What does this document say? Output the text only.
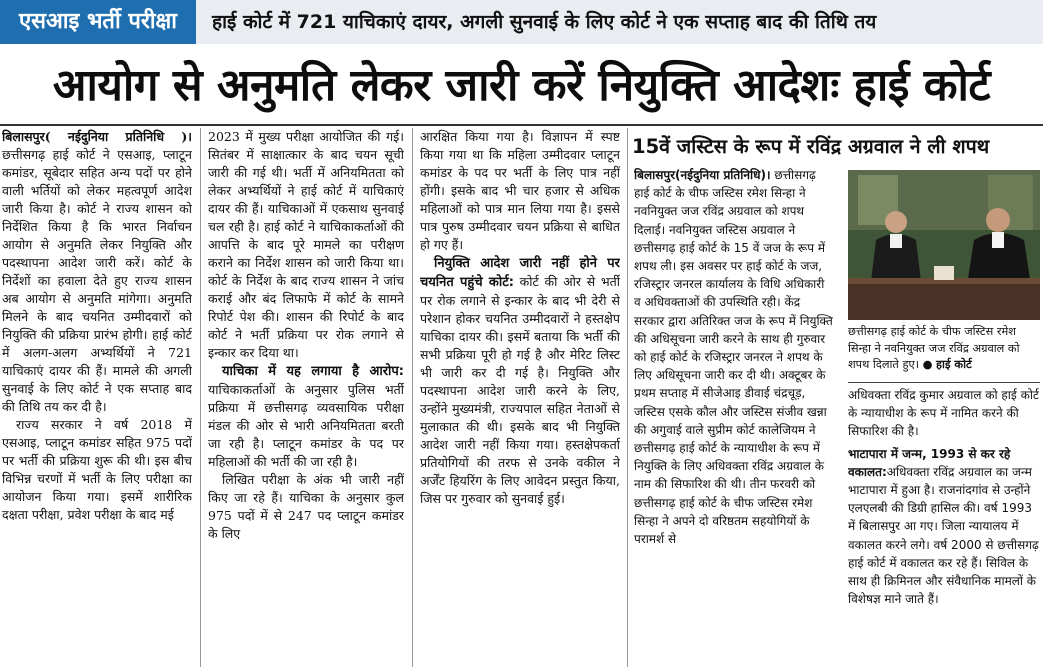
एसआइ भर्ती परीक्षा	हाई कोर्ट में 721 याचिकाएं दायर, अगली सुनवाई के लिए कोर्ट ने एक सप्ताह बाद की तिथि तय
आयोग से अनुमति लेकर जारी करें नियुक्ति आदेशः हाई कोर्ट

बिलासपुर( नईदुनिया प्रतिनिधि )। छत्तीसगढ़ हाई कोर्ट ने एसआइ, प्लाटून कमांडर, सूबेदार सहित अन्य पदों पर होने वाली भर्तियों को लेकर महत्वपूर्ण आदेश जारी किया है। कोर्ट ने राज्य शासन को निर्देशित किया है कि भारत निर्वाचन आयोग से अनुमति लेकर नियुक्ति और पदस्थापना आदेश जारी करें। कोर्ट के निर्देशों का हवाला देते हुए राज्य शासन अब आयोग से अनुमति मांगेगा। अनुमति मिलने के बाद चयनित उम्मीदवारों को नियुक्ति की प्रक्रिया प्रारंभ होगी। हाई कोर्ट में अलग-अलग अभ्यर्थियों ने 721 याचिकाएं दायर की हैं। मामले की अगली सुनवाई के लिए कोर्ट ने एक सप्ताह बाद की तिथि तय कर दी है।

राज्य सरकार ने वर्ष 2018 में एसआइ, प्लाटून कमांडर सहित 975 पदों पर भर्ती की प्रक्रिया शुरू की थी। इस बीच विभिन्न चरणों में भर्ती के लिए परीक्षा का आयोजन किया गया। इसमें शारीरिक दक्षता परीक्षा, प्रवेश परीक्षा के बाद मई

2023 में मुख्य परीक्षा आयोजित की गई। सितंबर में साक्षात्कार के बाद चयन सूची जारी की गई थी। भर्ती में अनियमितता को लेकर अभ्यर्थियों ने हाई कोर्ट में याचिकाएं दायर की हैं। याचिकाओं में एकसाथ सुनवाई चल रही है। हाई कोर्ट ने याचिकाकर्ताओं की आपत्ति के बाद पूरे मामले का परीक्षण कराने का निर्देश शासन को जारी किया था। कोर्ट के निर्देश के बाद राज्य शासन ने जांच कराई और बंद लिफाफे में कोर्ट के सामने रिपोर्ट पेश की। शासन की रिपोर्ट के बाद कोर्ट ने भर्ती प्रक्रिया पर रोक लगाने से इन्कार कर दिया था।

याचिका में यह लगाया है आरोप: याचिकाकर्ताओं के अनुसार पुलिस भर्ती प्रक्रिया में छत्तीसगढ़ व्यवसायिक परीक्षा मंडल की ओर से भारी अनियमितता बरती जा रही है। प्लाटून कमांडर के पद पर महिलाओं की भर्ती की जा रही है।

लिखित परीक्षा के अंक भी जारी नहीं किए जा रहे हैं। याचिका के अनुसार कुल 975 पदों में से 247 पद प्लाटून कमांडर के लिए

आरक्षित किया गया है। विज्ञापन में स्पष्ट किया गया था कि महिला उम्मीदवार प्लाटून कमांडर के पद पर भर्ती के लिए पात्र नहीं होंगी। इसके बाद भी चार हजार से अधिक महिलाओं को पात्र मान लिया गया है। इससे पात्र पुरुष उम्मीदवार चयन प्रक्रिया से बाधित हो गए हैं।

नियुक्ति आदेश जारी नहीं होने पर चयनित पहुंचे कोर्ट: कोर्ट की ओर से भर्ती पर रोक लगाने से इन्कार के बाद भी देरी से परेशान होकर चयनित उम्मीदवारों ने हस्तक्षेप याचिका दायर की। इसमें बताया कि भर्ती की सभी प्रक्रिया पूरी हो गई है और मेरिट लिस्ट भी जारी कर दी गई है। नियुक्ति और पदस्थापना आदेश जारी करने के लिए, उन्होंने मुख्यमंत्री, राज्यपाल सहित नेताओं से मुलाकात की थी। इसके बाद भी नियुक्ति आदेश जारी नहीं किया गया। हस्तक्षेपकर्ता प्रतियोगियों की तरफ से उनके वकील ने अर्जेंट हियरिंग के लिए आवेदन प्रस्तुत किया, जिस पर गुरुवार को सुनवाई हुई।

15वें जस्टिस के रूप में रविंद्र अग्रवाल ने ली शपथ

बिलासपुर(नईदुनिया प्रतिनिधि)। छत्तीसगढ़ हाई कोर्ट के चीफ जस्टिस रमेश सिन्हा ने नवनियुक्त जज रविंद्र अग्रवाल को शपथ दिलाई। नवनियुक्त जस्टिस अग्रवाल ने छत्तीसगढ़ हाई कोर्ट के 15 वें जज के रूप में शपथ ली। इस अवसर पर हाई कोर्ट के जज, रजिस्ट्रार जनरल कार्यालय के विधि अधिकारी व अधिवक्ताओं की उपस्थिति रही। केंद्र सरकार द्वारा अतिरिक्त जज के रूप में नियुक्ति की अधिसूचना जारी करने के साथ ही गुरुवार को हाई कोर्ट के रजिस्ट्रार जनरल ने शपथ के लिए अधिसूचना जारी कर दी थी। अक्टूबर के प्रथम सप्ताह में सीजेआइ डीवाई चंद्रचूड़, जस्टिस एसके कौल और जस्टिस संजीव खन्ना की अगुवाई वाले सुप्रीम कोर्ट कालेजियम ने छत्तीसगढ़ हाई कोर्ट के न्यायाधीश के रूप में नियुक्ति के लिए अधिवक्ता रविंद्र अग्रवाल के नाम की सिफारिश की थी। तीन फरवरी को छत्तीसगढ़ हाई कोर्ट के चीफ जस्टिस रमेश सिन्हा ने अपने दो वरिष्ठतम सहयोगियों के परामर्श से

छत्तीसगढ़ हाई कोर्ट के चीफ जस्टिस रमेश सिन्हा ने नवनियुक्त जज रविंद्र अग्रवाल को शपथ दिलाते हुए। ● हाई कोर्ट

अधिवक्ता रविंद्र कुमार अग्रवाल को हाई कोर्ट के न्यायाधीश के रूप में नामित करने की सिफारिश की है।

भाटापारा में जन्म, 1993 से कर रहे वकालत:अधिवक्ता रविंद्र अग्रवाल का जन्म भाटापारा में हुआ है। राजनांदगांव से उन्होंने एलएलबी की डिग्री हासिल की। वर्ष 1993 में बिलासपुर आ गए। जिला न्यायालय में वकालत करने लगे। वर्ष 2000 से छत्तीसगढ़ हाई कोर्ट में वकालत कर रहे हैं। सिविल के साथ ही क्रिमिनल और संवैधानिक मामलों के विशेषज्ञ माने जाते हैं।
